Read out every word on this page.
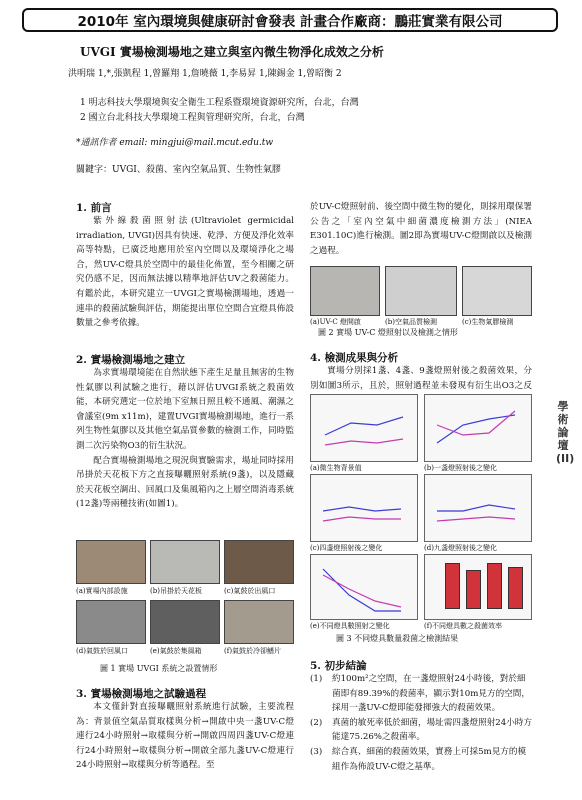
2010年 室內環境與健康研討會發表 計畫合作廠商：鵬莊實業有限公司
UVGI 實場檢測場地之建立與室內微生物淨化成效之分析
洪明瑞 1,*,張凱程 1,曾羅翔 1,詹曉薇 1,李易昇 1,陳錫金 1,曾昭衡 2
1 明志科技大學環境與安全衛生工程系暨環境資源研究所，台北，台灣
2 國立台北科技大學環境工程與管理研究所，台北，台灣
*通訊作者 email: mingjui@mail.mcut.edu.tw
關鍵字：UVGI、殺菌、室內空氣品質、生物性氣膠
1. 前言

紫外線殺菌照射法(Ultraviolet germicidal irradiation, UVGI)因具有快速、乾淨、方便及淨化效率高等特點，已廣泛地應用於室內空間以及環境淨化之場合，然UV-C燈具於空間中的最佳化佈置，至今相關之研究仍感不足，因而無法據以精準地評估UV之殺菌能力。有鑑於此，本研究建立一UVGI之實場檢測場地，透過一連串的殺菌試驗與評估，期能提出單位空間合宜燈具佈設數量之參考依據。

2. 實場檢測場地之建立

為求實場環境能在自然狀態下產生足量且無害的生物性氣膠以利試驗之進行，藉以評估UVGI系統之殺菌效能，本研究選定一位於地下室無日照且較不通風、潮濕之會議室(9m x11m)，建置UVGI實場檢測場地，進行一系列生物性氣膠以及其他空氣品質參數的檢測工作，同時監測二次污染物O3的衍生狀況。

配合實場檢測場地之現況與實驗需求，場址同時採用吊掛於天花板下方之直接曝曬照射系統(9盞)，以及隱藏於天花板空調出、回風口及集風箱內之上層空間消毒系統(12盞)等兩種技術(如圖1)。

(a)實場內部設施	(b)吊掛於天花板	(c)氣鼓於出風口
(d)氣鼓於回風口	(e)氣鼓於集風箱	(f)氣鼓於冷卻鰭片
圖 1 實場 UVGI 系統之設置情形
3. 實場檢測場地之試驗過程

本文僅針對直接曝曬照射系統進行試驗，主要流程為：背景值空氣品質取樣與分析→開啟中央一盞UV-C燈連行24小時照射→取樣與分析→開啟四周四盞UV-C燈連行24小時照射→取樣與分析→開啟全部九盞UV-C燈連行24小時照射→取樣與分析等過程。至

於UV-C燈照射前、後空間中微生物的變化，則採用環保署公告之「室內空氣中細菌濃度檢測方法」(NIEA E301.10C)進行檢測。圖2即為實場UV-C燈開啟以及檢測之過程。

(a)UV-C 燈開啟	(b)空氣品質檢測	(c)生物氣膠檢測
圖 2 實場 UV-C 燈照射以及檢測之情形
4. 檢測成果與分析

實場分別採1盞、4盞、9盞燈照射後之殺菌效果，分別如圖3所示，且於，照射過程並未發現有衍生出O3之反

(a)微生物背景值	(b)一盞燈照射後之變化
(c)四盞燈照射後之變化	(d)九盞燈照射後之變化
(e)不同燈具數照射之變化	(f)不同燈具數之殺菌效率
圖 3 不同燈具數量殺菌之檢測結果
5. 初步結論
(1)	約100m²之空間，在一盞燈照射24小時後，對於細菌即有89.39%的殺菌率，顯示對10m見方的空間，採用一盞UV-C燈即能發揮強大的殺菌效果。
(2)	真菌的敏死率低於細菌，場址需四盞燈照射24小時方能達75.26%之殺菌率。
(3)	綜合真、細菌的殺菌效果，實務上可採5m見方的模組作為佈設UV-C燈之基準。
學術論壇(II)
